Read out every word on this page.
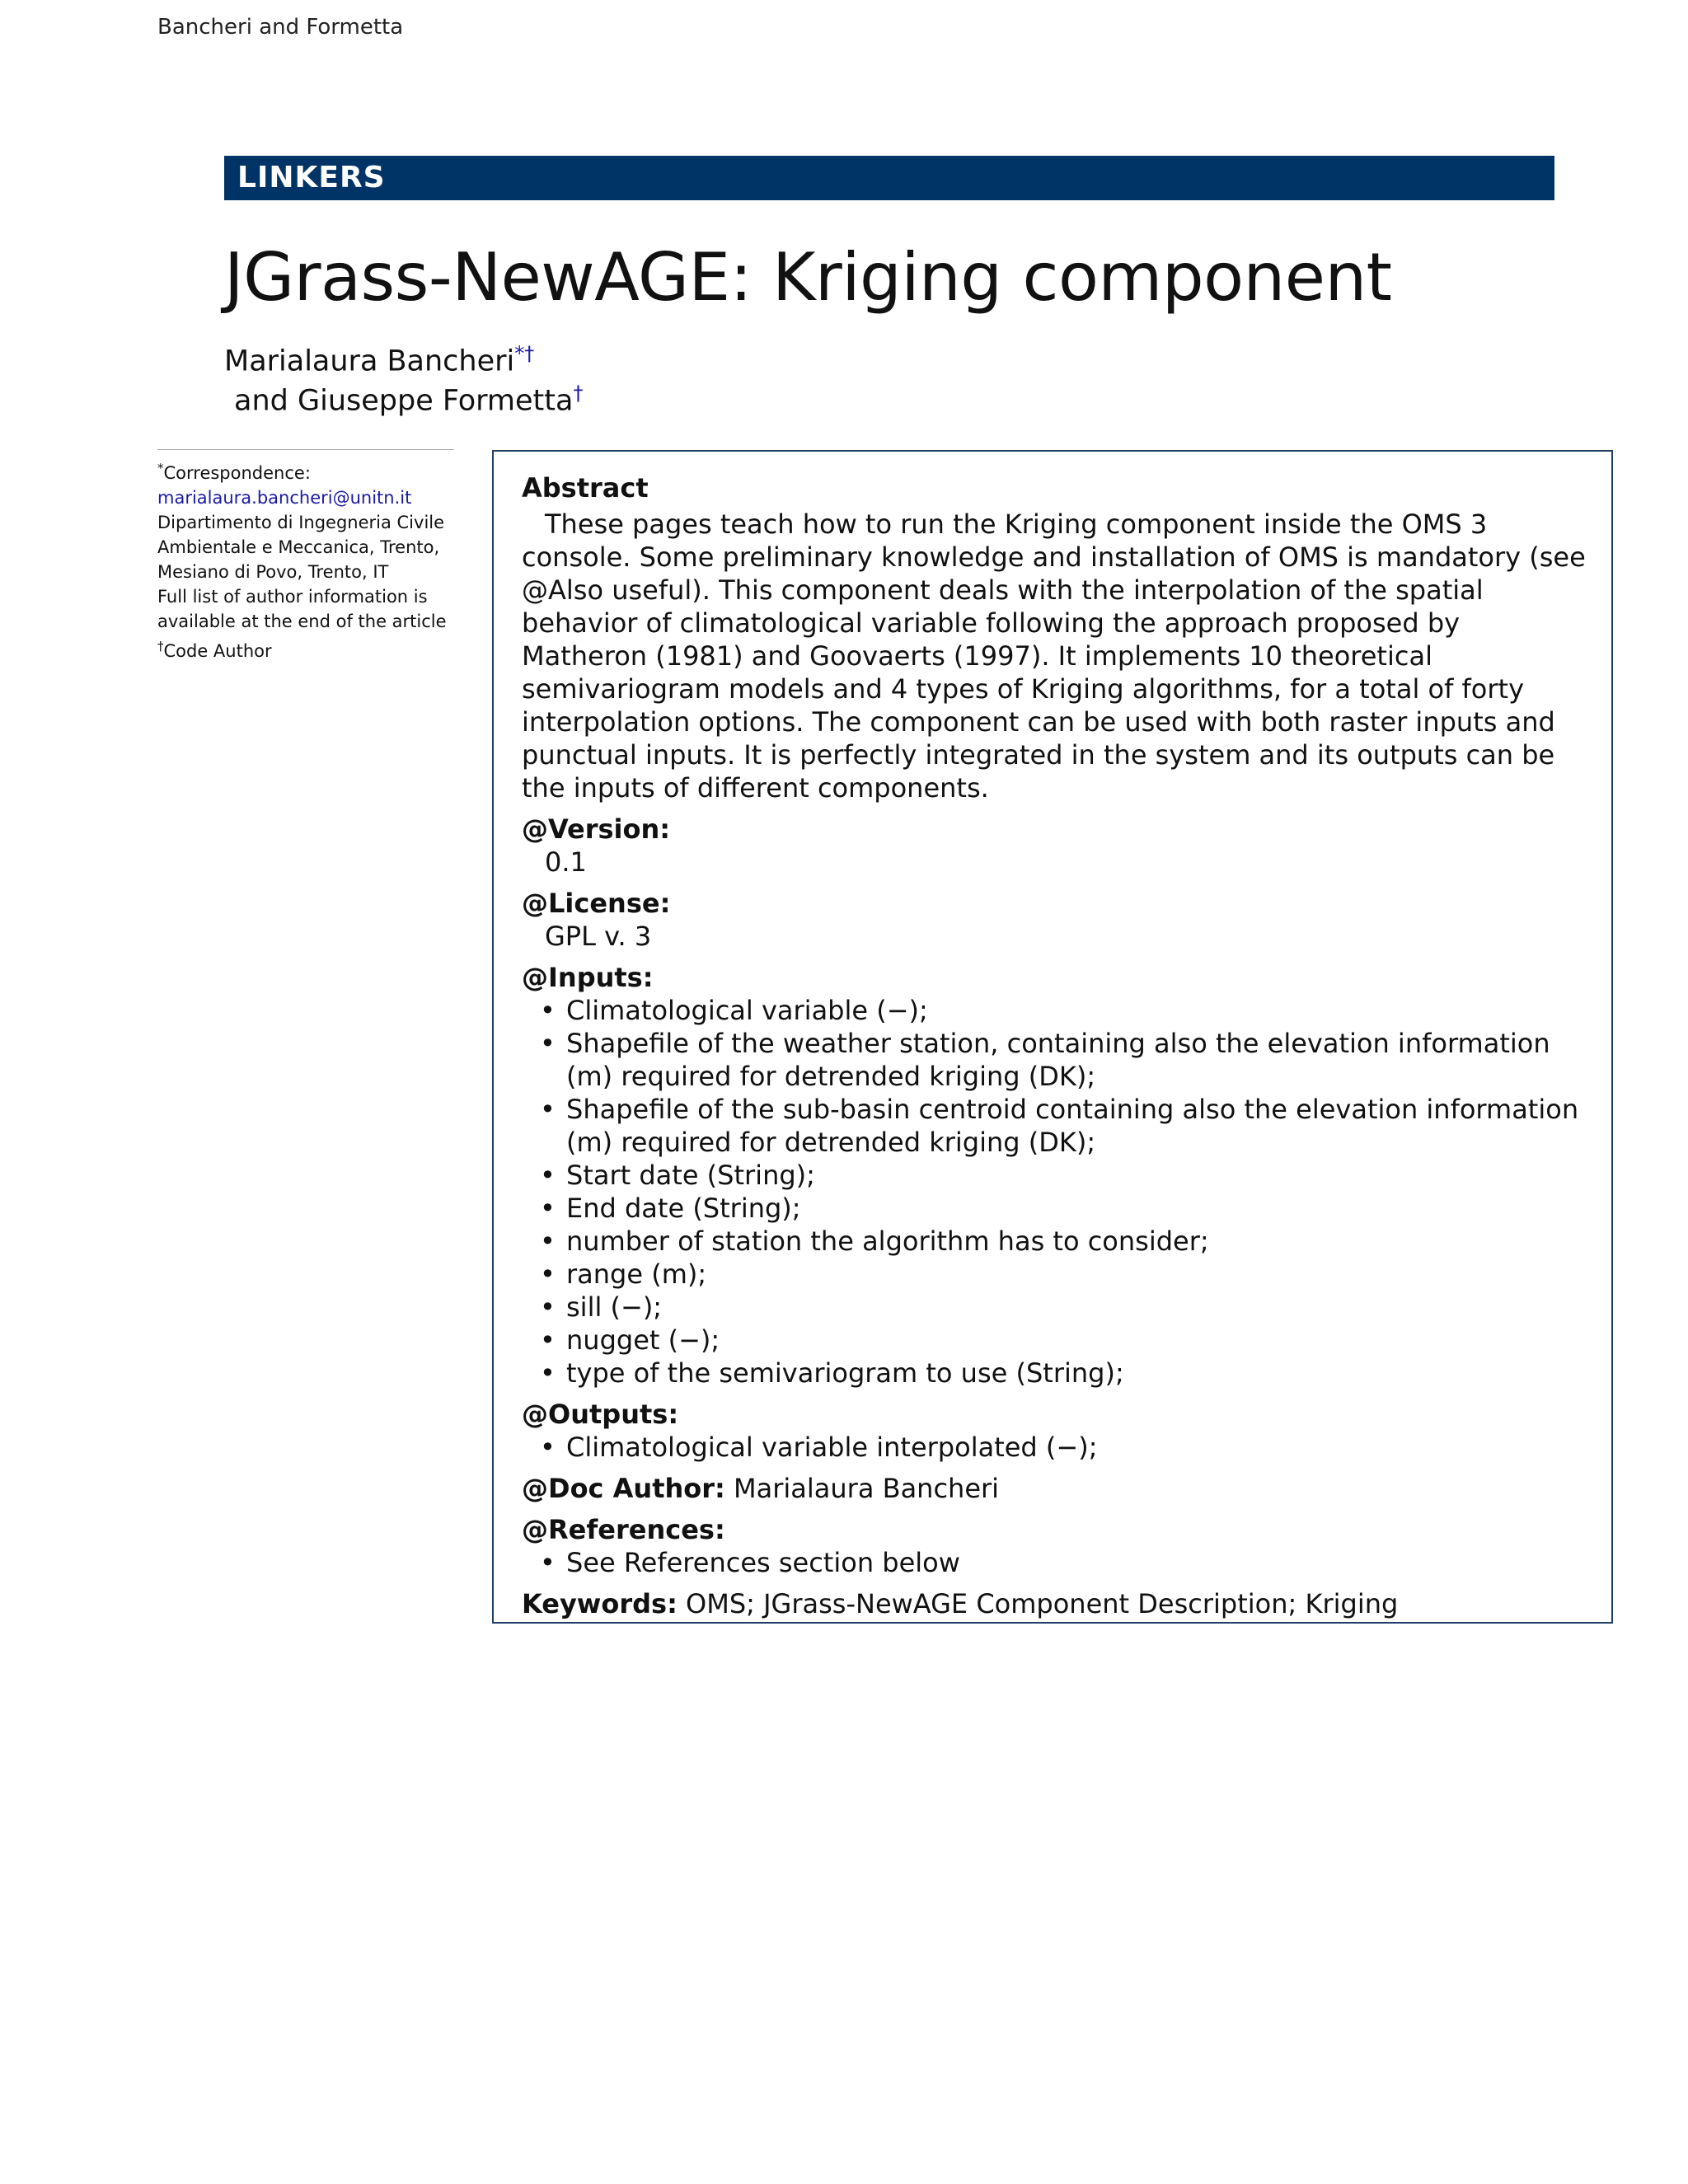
Bancheri and Formetta
LINKERS
JGrass-NewAGE: Kriging component
Marialaura Bancheri*†
and Giuseppe Formetta†
*Correspondence:
marialaura.bancheri@unitn.it
Dipartimento di Ingegneria Civile Ambientale e Meccanica, Trento, Mesiano di Povo, Trento, IT
Full list of author information is available at the end of the article
†Code Author

Abstract

These pages teach how to run the Kriging component inside the OMS 3 console. Some preliminary knowledge and installation of OMS is mandatory (see @Also useful). This component deals with the interpolation of the spatial behavior of climatological variable following the approach proposed by Matheron (1981) and Goovaerts (1997). It implements 10 theoretical semivariogram models and 4 types of Kriging algorithms, for a total of forty interpolation options. The component can be used with both raster inputs and punctual inputs. It is perfectly integrated in the system and its outputs can be the inputs of different components.

@Version:
0.1
@License:
GPL v. 3
@Inputs:
• Climatological variable (−);
• Shapefile of the weather station, containing also the elevation information (m) required for detrended kriging (DK);
• Shapefile of the sub-basin centroid containing also the elevation information (m) required for detrended kriging (DK);
• Start date (String);
• End date (String);
• number of station the algorithm has to consider;
• range (m);
• sill (−);
• nugget (−);
• type of the semivariogram to use (String);
@Outputs:
• Climatological variable interpolated (−);
@Doc Author: Marialaura Bancheri
@References:
• See References section below
Keywords: OMS; JGrass-NewAGE Component Description; Kriging
